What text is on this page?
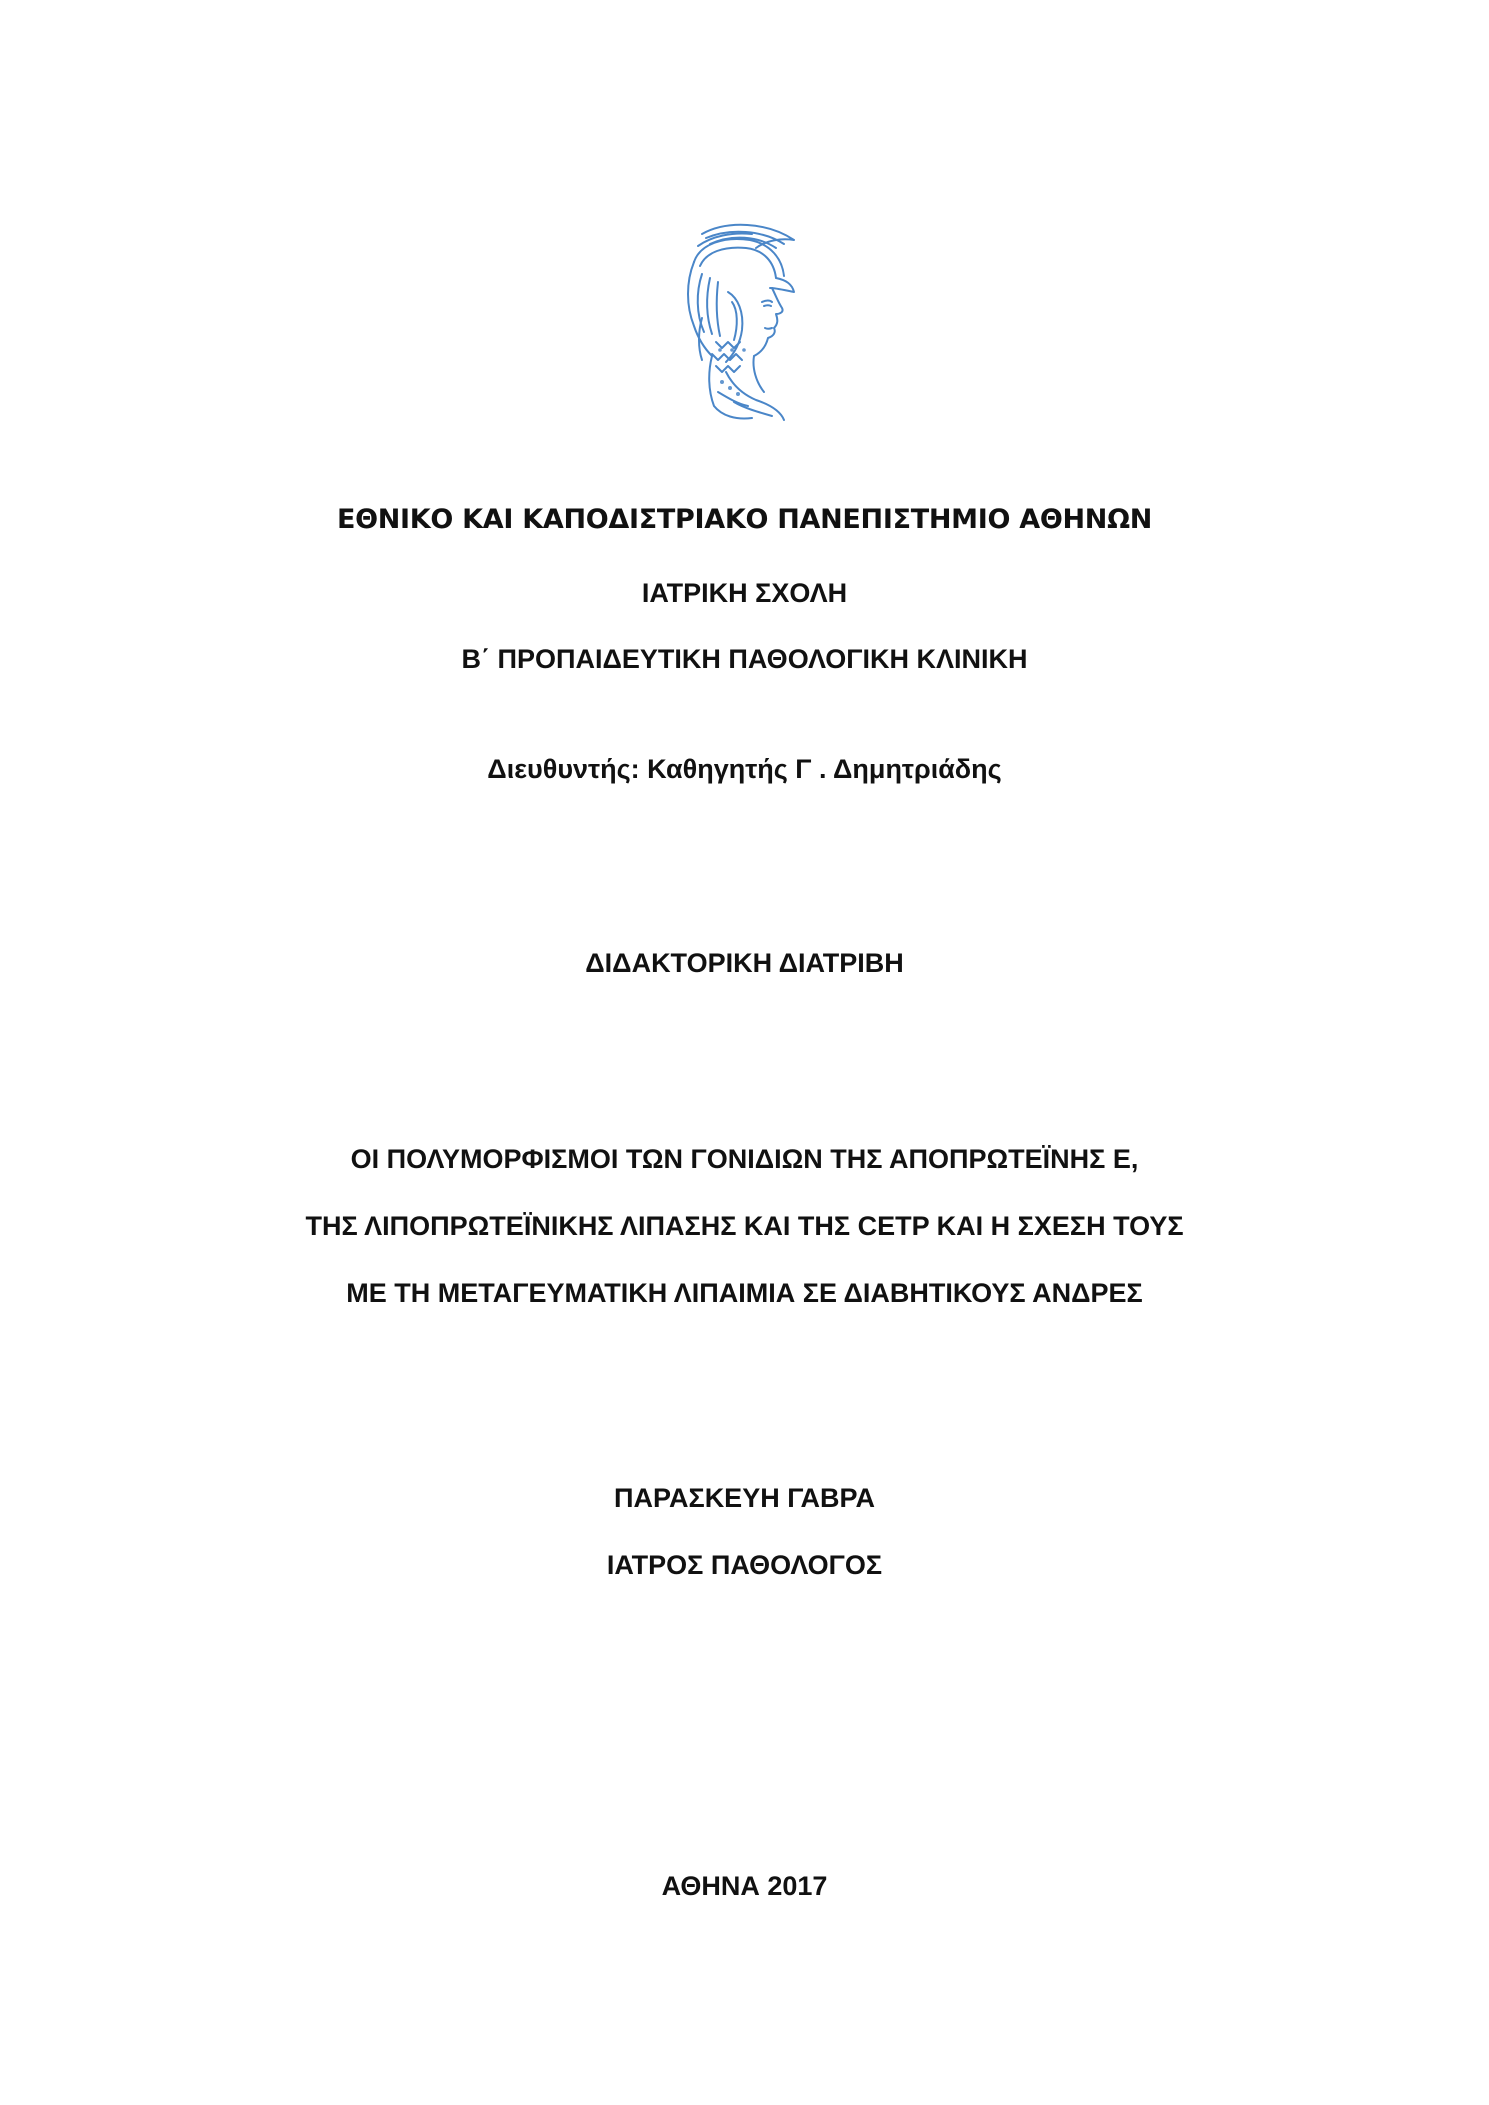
ΕΘΝΙΚΟ ΚΑΙ ΚΑΠΟΔΙΣΤΡΙΑΚΟ ΠΑΝΕΠΙΣΤΗΜΙΟ ΑΘΗΝΩΝ
ΙΑΤΡΙΚΗ ΣΧΟΛΗ
Β΄ ΠΡΟΠΑΙΔΕΥΤΙΚΗ ΠΑΘΟΛΟΓΙΚΗ ΚΛΙΝΙΚΗ
Διευθυντής: Καθηγητής Γ . Δημητριάδης
ΔΙΔΑΚΤΟΡΙΚΗ ΔΙΑΤΡΙΒΗ
ΟΙ ΠΟΛΥΜΟΡΦΙΣΜΟΙ ΤΩΝ ΓΟΝΙΔΙΩΝ ΤΗΣ ΑΠΟΠΡΩΤΕΪΝΗΣ Ε,
ΤΗΣ ΛΙΠΟΠΡΩΤΕΪΝΙΚΗΣ ΛΙΠΑΣΗΣ ΚΑΙ ΤΗΣ CETP ΚΑΙ Η ΣΧΕΣΗ ΤΟΥΣ
ΜΕ ΤΗ ΜΕΤΑΓΕΥΜΑΤΙΚΗ ΛΙΠΑΙΜΙΑ ΣΕ ΔΙΑΒΗΤΙΚΟΥΣ ΑΝΔΡΕΣ
ΠΑΡΑΣΚΕΥΗ ΓΑΒΡΑ
ΙΑΤΡΟΣ ΠΑΘΟΛΟΓΟΣ
ΑΘΗΝΑ 2017
